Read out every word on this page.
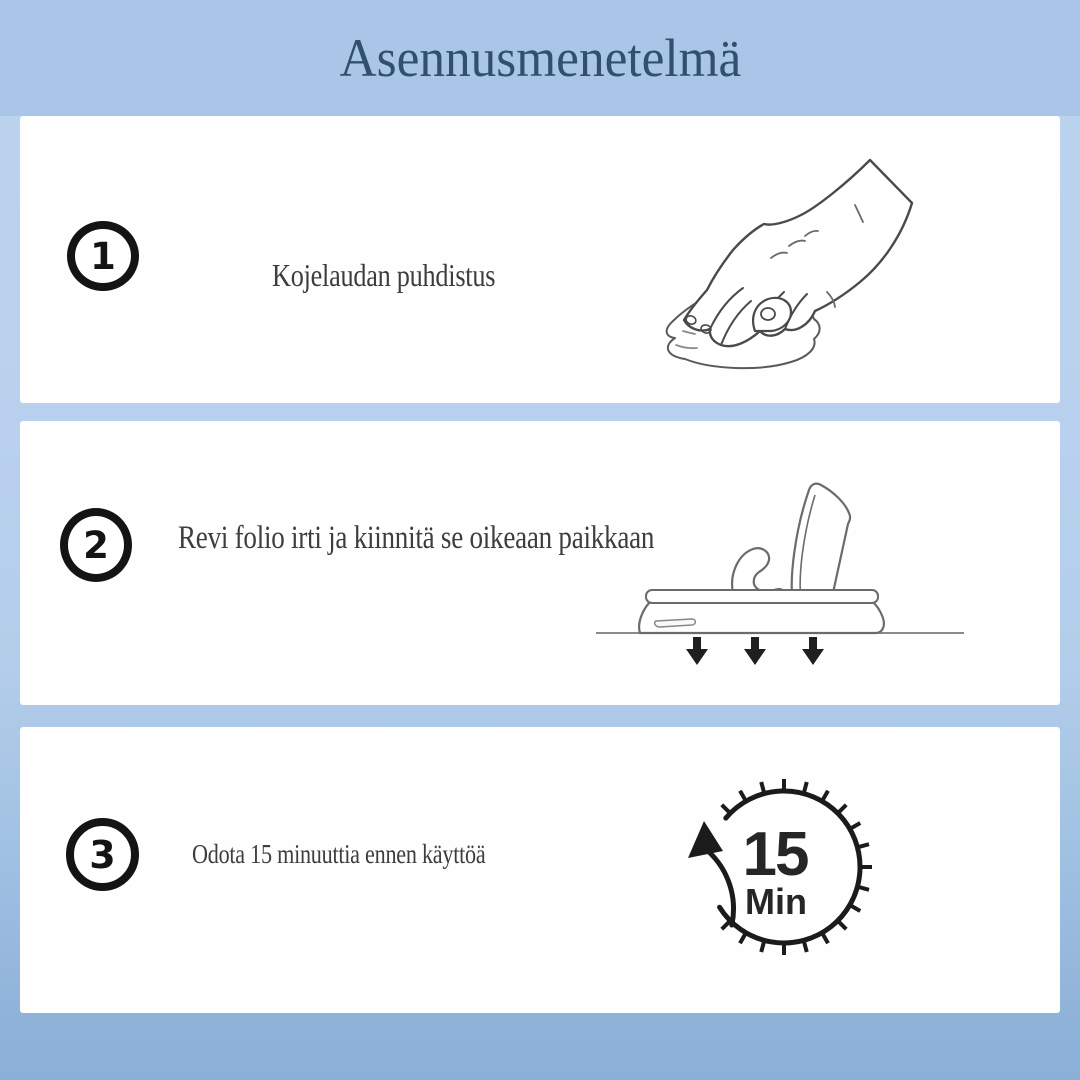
Asennusmenetelmä
1	Kojelaudan puhdistus
2 Revi folio irti ja kiinnitä se oikeaan paikkaan
3	Odota 15 minuuttia ennen käyttöä	15
Min
